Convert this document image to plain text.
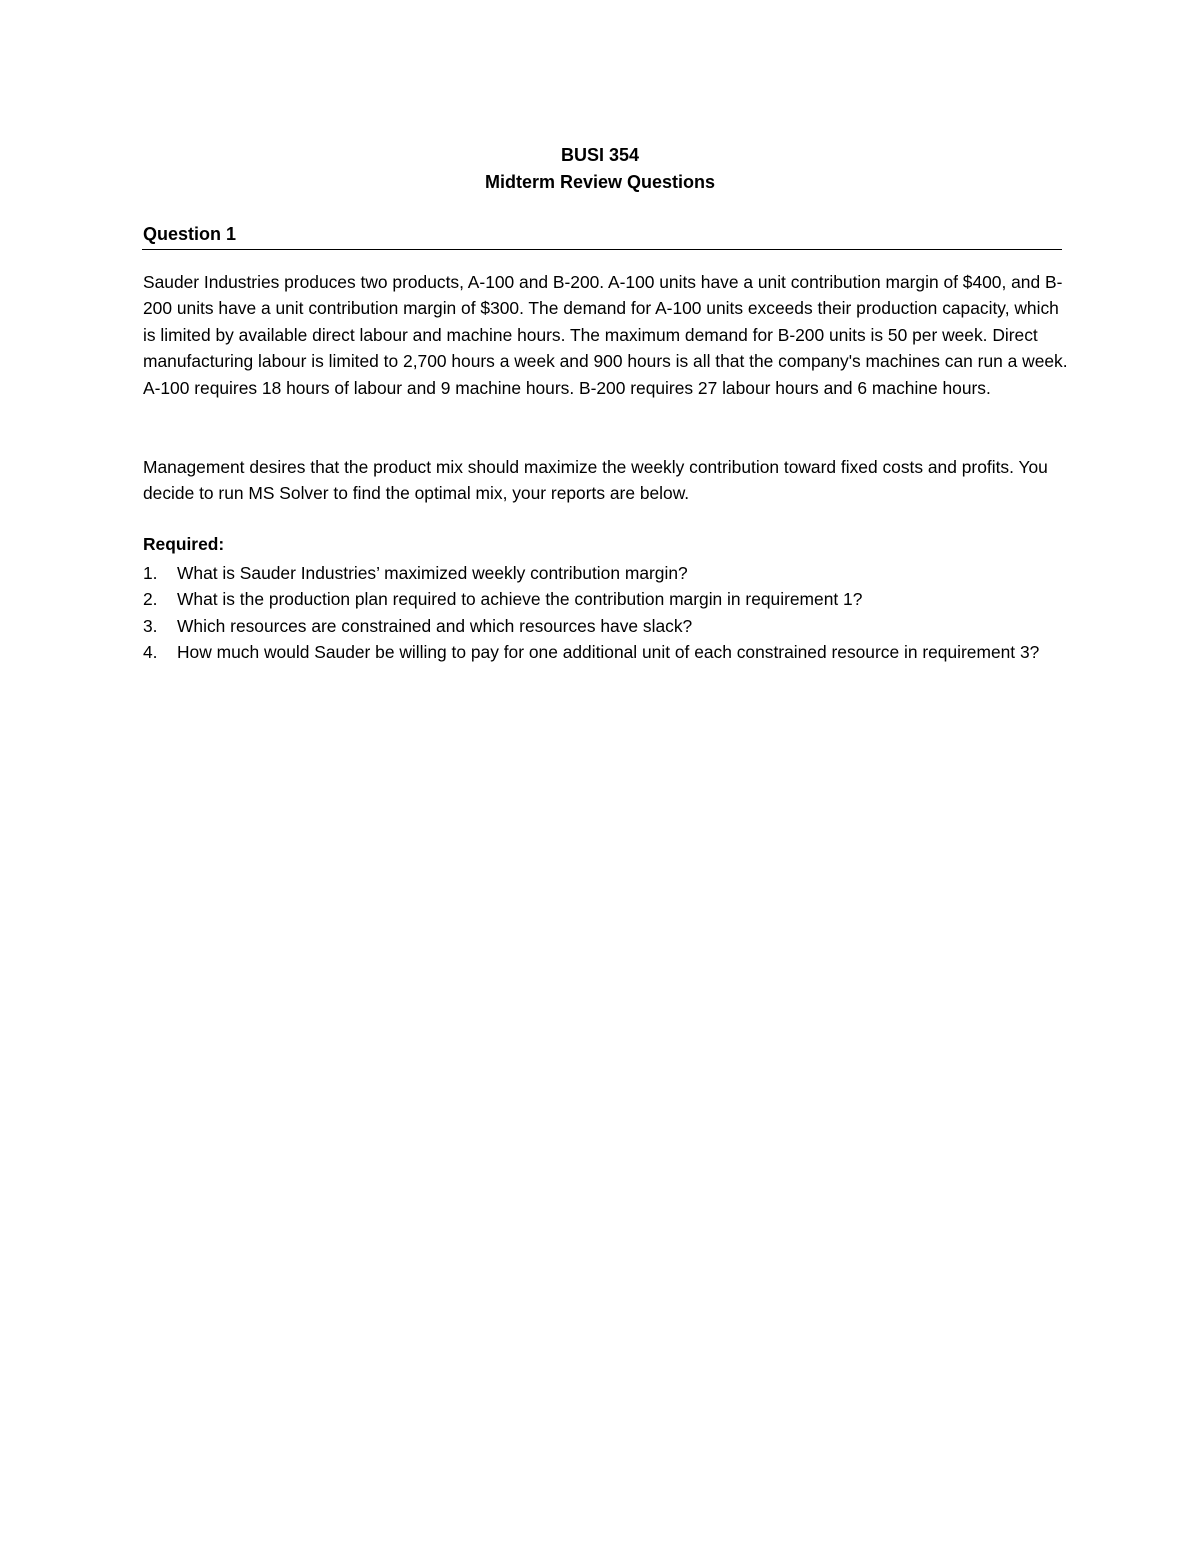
BUSI 354
Midterm Review Questions
Question 1

Sauder Industries produces two products, A-100 and B-200. A-100 units have a unit contribution margin of $400, and B-200 units have a unit contribution margin of $300. The demand for A-100 units exceeds their production capacity, which is limited by available direct labour and machine hours. The maximum demand for B-200 units is 50 per week. Direct manufacturing labour is limited to 2,700 hours a week and 900 hours is all that the company's machines can run a week. A-100 requires 18 hours of labour and 9 machine hours. B-200 requires 27 labour hours and 6 machine hours.

Management desires that the product mix should maximize the weekly contribution toward fixed costs and profits. You decide to run MS Solver to find the optimal mix, your reports are below.

Required:
1. What is Sauder Industries’ maximized weekly contribution margin?
2. What is the production plan required to achieve the contribution margin in requirement 1?
3. Which resources are constrained and which resources have slack?
4. How much would Sauder be willing to pay for one additional unit of each constrained resource in requirement 3?
